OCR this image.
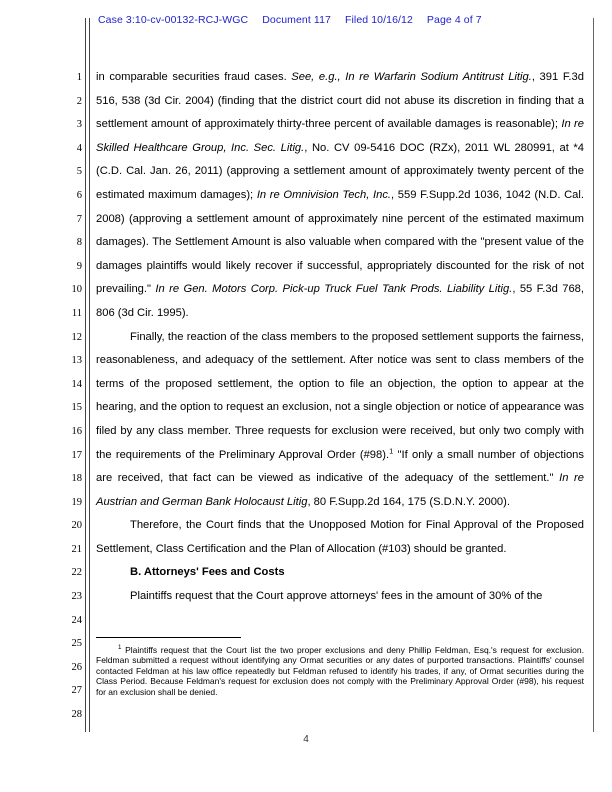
Case 3:10-cv-00132-RCJ-WGC Document 117 Filed 10/16/12 Page 4 of 7
1
2
3
4
5
6
7
8
9
10
11
12
13
14
15
16
17
18
19
20
21
22
23
24
25
26
27
28

in comparable securities fraud cases. See, e.g., In re Warfarin Sodium Antitrust Litig., 391 F.3d 516, 538 (3d Cir. 2004) (finding that the district court did not abuse its discretion in finding that a settlement amount of approximately thirty-three percent of available damages is reasonable); In re Skilled Healthcare Group, Inc. Sec. Litig., No. CV 09-5416 DOC (RZx), 2011 WL 280991, at *4 (C.D. Cal. Jan. 26, 2011) (approving a settlement amount of approximately twenty percent of the estimated maximum damages); In re Omnivision Tech, Inc., 559 F.Supp.2d 1036, 1042 (N.D. Cal. 2008) (approving a settlement amount of approximately nine percent of the estimated maximum damages). The Settlement Amount is also valuable when compared with the "present value of the damages plaintiffs would likely recover if successful, appropriately discounted for the risk of not prevailing." In re Gen. Motors Corp. Pick-up Truck Fuel Tank Prods. Liability Litig., 55 F.3d 768, 806 (3d Cir. 1995).

Finally, the reaction of the class members to the proposed settlement supports the fairness, reasonableness, and adequacy of the settlement. After notice was sent to class members of the terms of the proposed settlement, the option to file an objection, the option to appear at the hearing, and the option to request an exclusion, not a single objection or notice of appearance was filed by any class member. Three requests for exclusion were received, but only two comply with the requirements of the Preliminary Approval Order (#98).$^1$ "If only a small number of objections are received, that fact can be viewed as indicative of the adequacy of the settlement." In re Austrian and German Bank Holocaust Litig, 80 F.Supp.2d 164, 175 (S.D.N.Y. 2000).

Therefore, the Court finds that the Unopposed Motion for Final Approval of the Proposed Settlement, Class Certification and the Plan of Allocation (#103) should be granted.

B. Attorneys' Fees and Costs

Plaintiffs request that the Court approve attorneys' fees in the amount of 30% of the

$^1$ Plaintiffs request that the Court list the two proper exclusions and deny Phillip Feldman, Esq.'s request for exclusion. Feldman submitted a request without identifying any Ormat securities or any dates of purported transactions. Plaintiffs' counsel contacted Feldman at his law office repeatedly but Feldman refused to identify his trades, if any, of Ormat securities during the Class Period. Because Feldman's request for exclusion does not comply with the Preliminary Approval Order (#98), his request for an exclusion shall be denied.

4
